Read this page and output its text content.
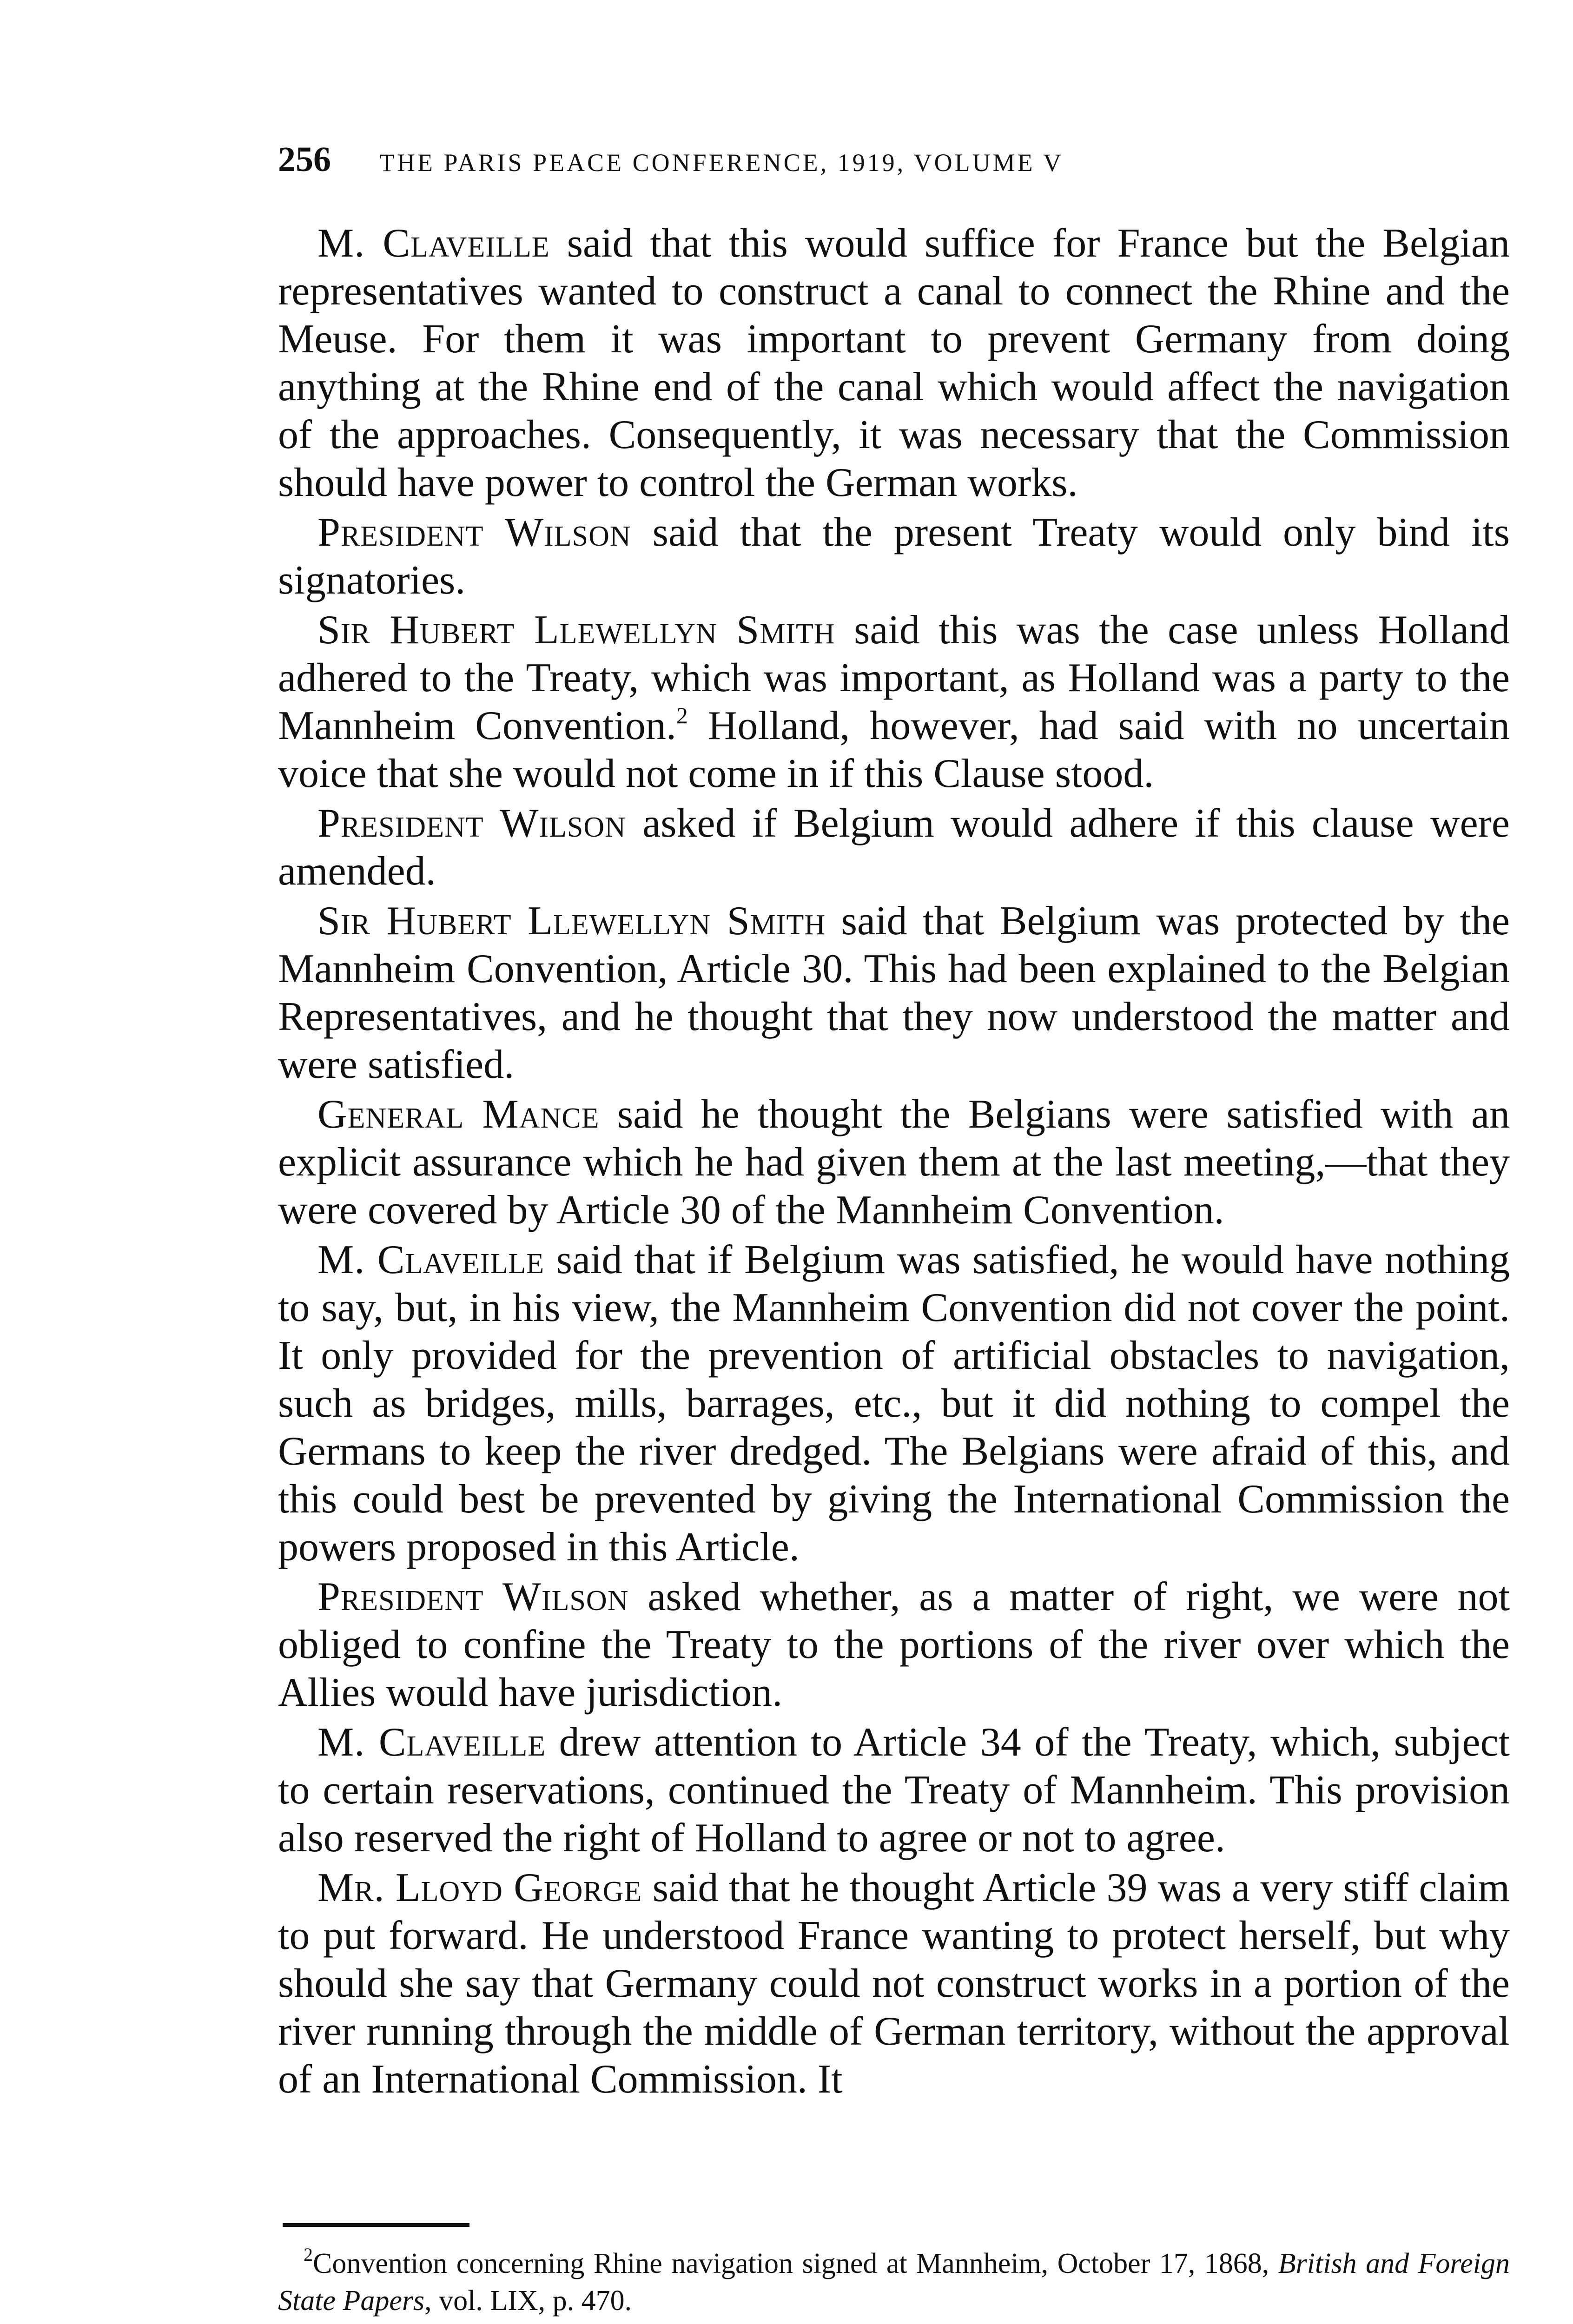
256 THE PARIS PEACE CONFERENCE, 1919, VOLUME V

M. Claveille said that this would suffice for France but the Belgian representatives wanted to construct a canal to connect the Rhine and the Meuse. For them it was important to prevent Germany from doing anything at the Rhine end of the canal which would affect the navigation of the approaches. Consequently, it was necessary that the Commission should have power to control the German works.

President Wilson said that the present Treaty would only bind its signatories.

Sir Hubert Llewellyn Smith said this was the case unless Holland adhered to the Treaty, which was important, as Holland was a party to the Mannheim Convention.$^2$ Holland, however, had said with no uncertain voice that she would not come in if this Clause stood.

President Wilson asked if Belgium would adhere if this clause were amended.

Sir Hubert Llewellyn Smith said that Belgium was protected by the Mannheim Convention, Article 30. This had been explained to the Belgian Representatives, and he thought that they now understood the matter and were satisfied.

General Mance said he thought the Belgians were satisfied with an explicit assurance which he had given them at the last meeting,—that they were covered by Article 30 of the Mannheim Convention.

M. Claveille said that if Belgium was satisfied, he would have nothing to say, but, in his view, the Mannheim Convention did not cover the point. It only provided for the prevention of artificial obstacles to navigation, such as bridges, mills, barrages, etc., but it did nothing to compel the Germans to keep the river dredged. The Belgians were afraid of this, and this could best be prevented by giving the International Commission the powers proposed in this Article.

President Wilson asked whether, as a matter of right, we were not obliged to confine the Treaty to the portions of the river over which the Allies would have jurisdiction.

M. Claveille drew attention to Article 34 of the Treaty, which, subject to certain reservations, continued the Treaty of Mannheim. This provision also reserved the right of Holland to agree or not to agree.

Mr. Lloyd George said that he thought Article 39 was a very stiff claim to put forward. He understood France wanting to protect herself, but why should she say that Germany could not construct works in a portion of the river running through the middle of German territory, without the approval of an International Commission. It

$^2$Convention concerning Rhine navigation signed at Mannheim, October 17, 1868, British and Foreign State Papers, vol. LIX, p. 470.
